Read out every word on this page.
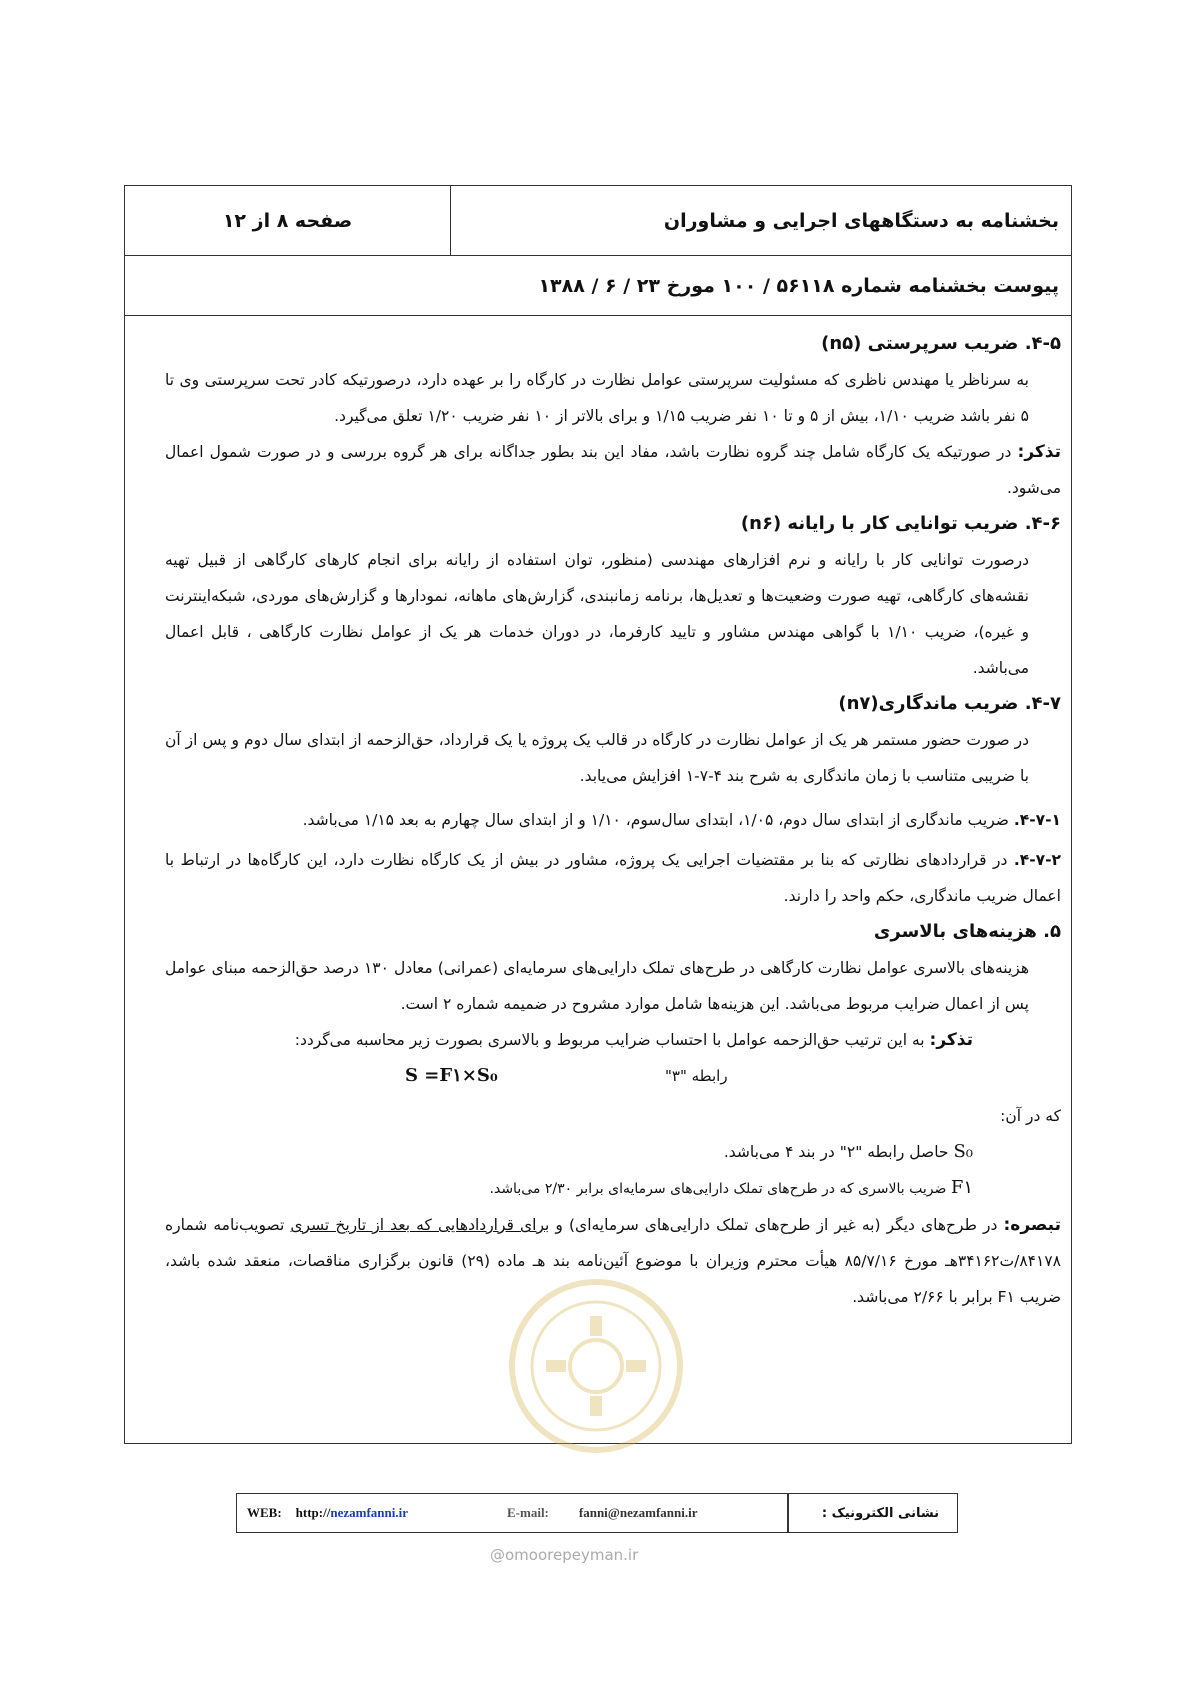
صفحه ۸ از ۱۲	بخشنامه به دستگاههای اجرایی و مشاوران
پیوست بخشنامه شماره ۵۶۱۱۸ / ۱۰۰ مورخ ۲۳ / ۶ / ۱۳۸۸

۴-۵. ضریب سرپرستی (n۵)

به سرناظر یا مهندس ناظری که مسئولیت سرپرستی عوامل نظارت در کارگاه را بر عهده دارد، درصورتیکه کادر تحت سرپرستی وی تا ۵ نفر باشد ضریب ۱/۱۰، بیش از ۵ و تا ۱۰ نفر ضریب ۱/۱۵ و برای بالاتر از ۱۰ نفر ضریب ۱/۲۰ تعلق می‌گیرد.

تذکر: در صورتیکه یک کارگاه شامل چند گروه نظارت باشد، مفاد این بند بطور جداگانه برای هر گروه بررسی و در صورت شمول اعمال می‌شود.

۴-۶. ضریب توانایی کار با رایانه (n۶)

درصورت توانایی کار با رایانه و نرم افزارهای مهندسی (منظور، توان استفاده از رایانه برای انجام کارهای کارگاهی از قبیل تهیه نقشه‌های کارگاهی، تهیه صورت وضعیت‌ها و تعدیل‌ها، برنامه زمانبندی، گزارش‌های ماهانه، نمودارها و گزارش‌های موردی، شبکه‌اینترنت و غیره)، ضریب ۱/۱۰ با گواهی مهندس مشاور و تایید کارفرما، در دوران خدمات هر یک از عوامل نظارت کارگاهی ، قابل اعمال می‌باشد.

۴-۷. ضریب ماندگاری(n۷)

در صورت حضور مستمر هر یک از عوامل نظارت در کارگاه در قالب یک پروژه یا یک قرارداد، حق‌الزحمه از ابتدای سال دوم و پس از آن با ضریبی متناسب با زمان ماندگاری به شرح بند ۴-۷-۱ افزایش می‌یابد.

۴-۷-۱. ضریب ماندگاری از ابتدای سال دوم، ۱/۰۵، ابتدای سال‌سوم، ۱/۱۰ و از ابتدای سال چهارم به بعد ۱/۱۵ می‌باشد.

۴-۷-۲. در قراردادهای نظارتی که بنا بر مقتضیات اجرایی یک پروژه، مشاور در بیش از یک کارگاه نظارت دارد، این کارگاه‌ها در ارتباط با اعمال ضریب ماندگاری، حکم واحد را دارند.

۵. هزینه‌های بالاسری

هزینه‌های بالاسری عوامل نظارت کارگاهی در طرح‌های تملک دارایی‌های سرمایه‌ای (عمرانی) معادل ۱۳۰ درصد حق‌الزحمه مبنای عوامل پس از اعمال ضرایب مربوط می‌باشد. این هزینه‌ها شامل موارد مشروح در ضمیمه شماره ۲ است.

تذکر: به این ترتیب حق‌الزحمه عوامل با احتساب ضرایب مربوط و بالاسری بصورت زیر محاسبه می‌گردد:

S =F۱×S₀	رابطه "۳"

که در آن:

S₀ حاصل رابطه "۲" در بند ۴ می‌باشد.

F۱ ضریب بالاسری که در طرح‌های تملک دارایی‌های سرمایه‌ای برابر ۲/۳۰ می‌باشد.

تبصره: در طرح‌های دیگر (به غیر از طرح‌های تملک دارایی‌های سرمایه‌ای) و برای قراردادهایی که بعد از تاریخ تسری تصویب‌نامه شماره ۸۴۱۷۸/ت۳۴۱۶۲هـ مورخ ۸۵/۷/۱۶ هیأت محترم وزیران با موضوع آئین‌نامه بند هـ ماده (۲۹) قانون برگزاری مناقصات، منعقد شده باشد، ضریب F۱ برابر با ۲/۶۶ می‌باشد.

WEB: http:// nezamfanni.ir	E-mail: fanni@nezamfanni.ir	نشانی الکترونیک :
@omoorepeyman.ir
